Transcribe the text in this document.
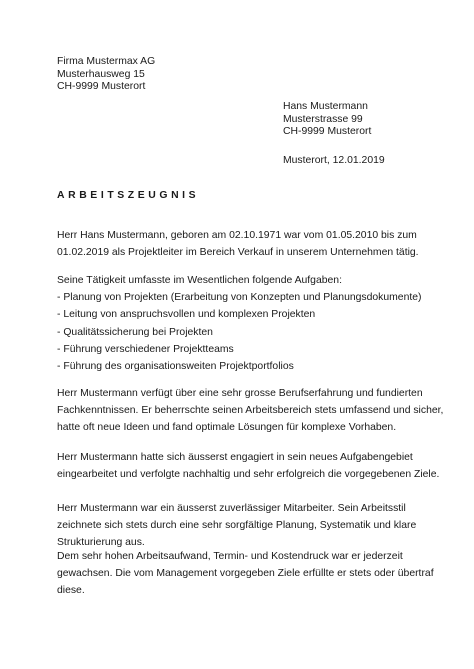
Firma Mustermax AG
Musterhausweg 15
CH-9999 Musterort
Hans Mustermann
Musterstrasse 99
CH-9999 Musterort
Musterort, 12.01.2019
ARBEITSZEUGNIS
Herr Hans Mustermann, geboren am 02.10.1971 war vom 01.05.2010 bis zum
01.02.2019 als Projektleiter im Bereich Verkauf in unserem Unternehmen tätig.
Seine Tätigkeit umfasste im Wesentlichen folgende Aufgaben:
- Planung von Projekten (Erarbeitung von Konzepten und Planungsdokumente)
- Leitung von anspruchsvollen und komplexen Projekten
- Qualitätssicherung bei Projekten
- Führung verschiedener Projektteams
- Führung des organisationsweiten Projektportfolios
Herr Mustermann verfügt über eine sehr grosse Berufserfahrung und fundierten
Fachkenntnissen. Er beherrschte seinen Arbeitsbereich stets umfassend und sicher,
hatte oft neue Ideen und fand optimale Lösungen für komplexe Vorhaben.
Herr Mustermann hatte sich äusserst engagiert in sein neues Aufgabengebiet
eingearbeitet und verfolgte nachhaltig und sehr erfolgreich die vorgegebenen Ziele.
Herr Mustermann war ein äusserst zuverlässiger Mitarbeiter. Sein Arbeitsstil
zeichnete sich stets durch eine sehr sorgfältige Planung, Systematik und klare
Strukturierung aus.
Dem sehr hohen Arbeitsaufwand, Termin- und Kostendruck war er jederzeit
gewachsen. Die vom Management vorgegeben Ziele erfüllte er stets oder übertraf
diese.
